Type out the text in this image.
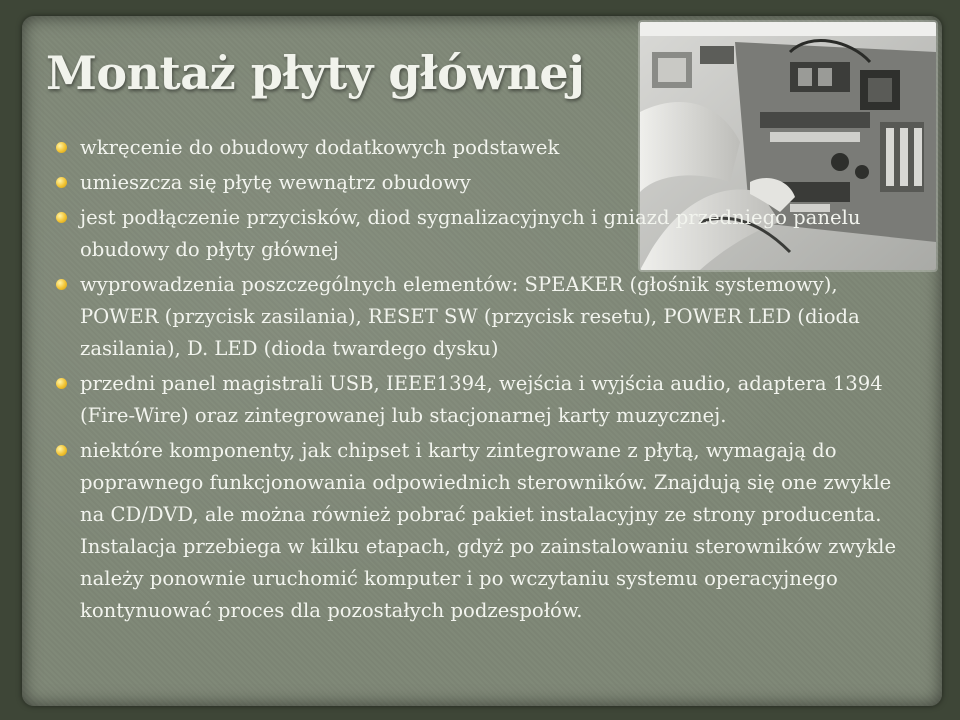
Montaż płyty głównej
wkręcenie do obudowy dodatkowych podstawek
umieszcza się płytę wewnątrz obudowy
jest podłączenie przycisków, diod sygnalizacyjnych i gniazd przedniego panelu obudowy do płyty głównej
wyprowadzenia poszczególnych elementów: SPEAKER (głośnik systemowy), POWER (przycisk zasilania), RESET SW (przycisk resetu), POWER LED (dioda zasilania), D. LED (dioda twardego dysku)
przedni panel magistrali USB, IEEE1394, wejścia i wyjścia audio, adaptera 1394 (Fire-Wire) oraz zintegrowanej lub stacjonarnej karty muzycznej.
niektóre komponenty, jak chipset i karty zintegrowane z płytą, wymagają do poprawnego funkcjonowania odpowiednich sterowników. Znajdują się one zwykle na CD/DVD, ale można również pobrać pakiet instalacyjny ze strony producenta. Instalacja przebiega w kilku etapach, gdyż po zainstalowaniu sterowników zwykle należy ponownie uruchomić komputer i po wczytaniu systemu operacyjnego kontynuować proces dla pozostałych podzespołów.
